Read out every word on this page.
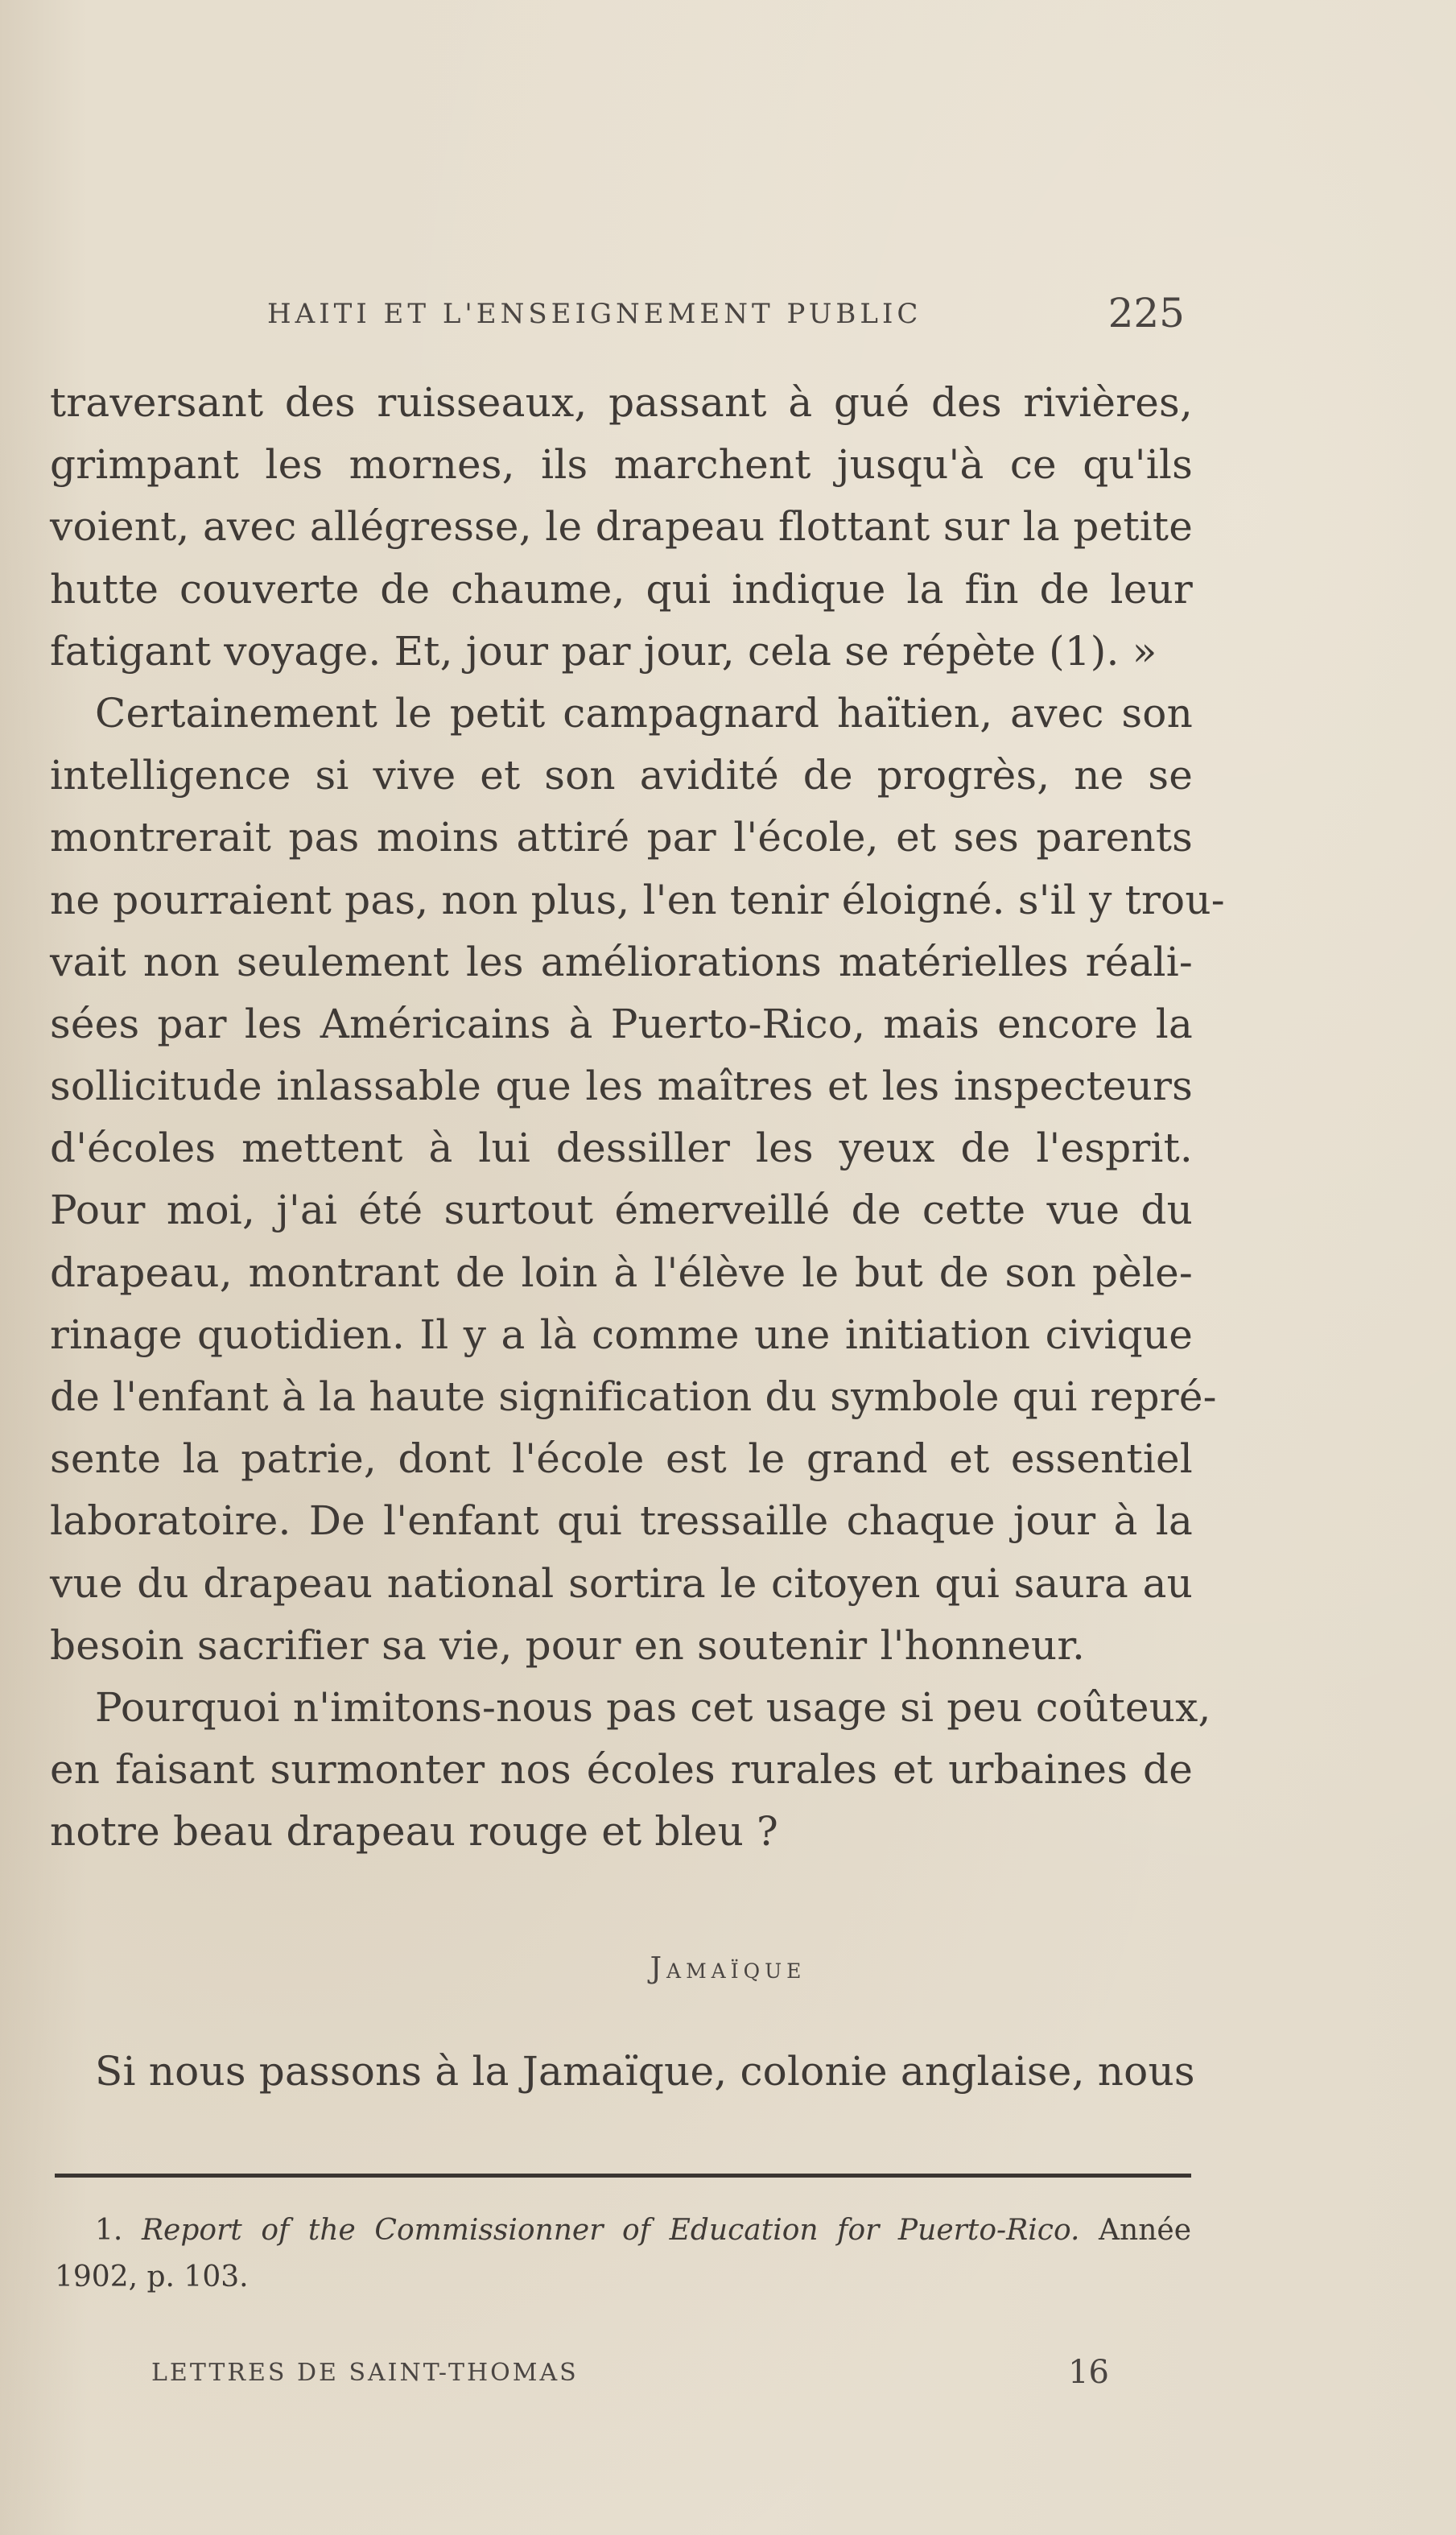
HAITI ET L'ENSEIGNEMENT PUBLIC	225
traversant des ruisseaux, passant à gué des rivières,
grimpant les mornes, ils marchent jusqu'à ce qu'ils
voient, avec allégresse, le drapeau flottant sur la petite
hutte couverte de chaume, qui indique la fin de leur
fatigant voyage. Et, jour par jour, cela se répète (1). »
Certainement le petit campagnard haïtien, avec son
intelligence si vive et son avidité de progrès, ne se
montrerait pas moins attiré par l'école, et ses parents
ne pourraient pas, non plus, l'en tenir éloigné. s'il y trou-
vait non seulement les améliorations matérielles réali-
sées par les Américains à Puerto-Rico, mais encore la
sollicitude inlassable que les maîtres et les inspecteurs
d'écoles mettent à lui dessiller les yeux de l'esprit.
Pour moi, j'ai été surtout émerveillé de cette vue du
drapeau, montrant de loin à l'élève le but de son pèle-
rinage quotidien. Il y a là comme une initiation civique
de l'enfant à la haute signification du symbole qui repré-
sente la patrie, dont l'école est le grand et essentiel
laboratoire. De l'enfant qui tressaille chaque jour à la
vue du drapeau national sortira le citoyen qui saura au
besoin sacrifier sa vie, pour en soutenir l'honneur.
Pourquoi n'imitons-nous pas cet usage si peu coûteux,
en faisant surmonter nos écoles rurales et urbaines de
notre beau drapeau rouge et bleu ?
Jamaïque
Si nous passons à la Jamaïque, colonie anglaise, nous
1. Report of the Commissionner of Education for Puerto-Rico. Année
1902, p. 103.
LETTRES DE SAINT-THOMAS	16
